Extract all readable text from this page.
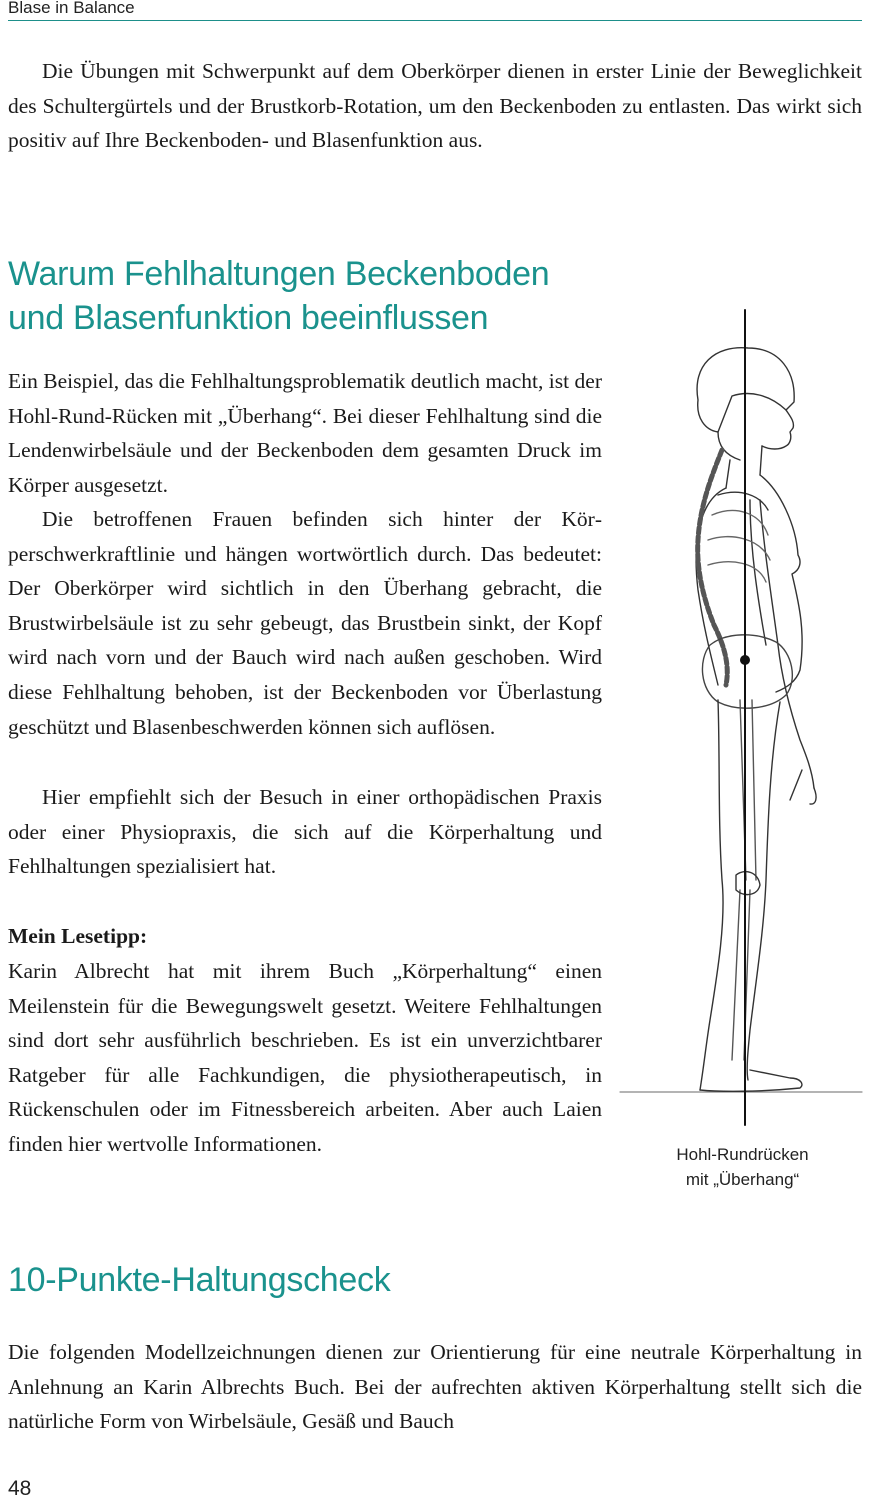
Blase in Balance

Die Übungen mit Schwerpunkt auf dem Oberkörper dienen in erster Linie der Beweglichkeit des Schultergürtels und der Brustkorb-Rotation, um den Beckenboden zu entlasten. Das wirkt sich positiv auf Ihre Beckenboden- und Blasenfunktion aus.

Warum Fehlhaltungen Beckenboden
und Blasenfunktion beeinflussen

Ein Beispiel, das die Fehlhaltungsproblematik deutlich macht, ist der Hohl-Rund-Rücken mit „Überhang“. Bei dieser Fehlhaltung sind die Lendenwirbelsäule und der Beckenboden dem gesamten Druck im Körper ausgesetzt.

Die betroffenen Frauen befinden sich hinter der Körperschwerkraftlinie und hängen wortwörtlich durch. Das bedeutet: Der Oberkörper wird sichtlich in den Überhang gebracht, die Brustwirbelsäule ist zu sehr gebeugt, das Brustbein sinkt, der Kopf wird nach vorn und der Bauch wird nach außen geschoben. Wird diese Fehlhaltung behoben, ist der Beckenboden vor Überlastung geschützt und Blasenbeschwerden können sich auflösen.

Hier empfiehlt sich der Besuch in einer orthopädischen Praxis oder einer Physiopraxis, die sich auf die Körperhaltung und Fehlhaltungen spezialisiert hat.

Mein Lesetipp:

Karin Albrecht hat mit ihrem Buch „Körperhaltung“ einen Meilenstein für die Bewegungswelt gesetzt. Weitere Fehlhaltungen sind dort sehr ausführlich beschrieben. Es ist ein unverzichtbarer Ratgeber für alle Fachkundigen, die physiotherapeutisch, in Rückenschulen oder im Fitnessbereich arbeiten. Aber auch Laien finden hier wertvolle Informationen.	Hohl-Rundrücken
mit „Überhang“
10-Punkte-Haltungscheck

Die folgenden Modellzeichnungen dienen zur Orientierung für eine neutrale Körperhaltung in Anlehnung an Karin Albrechts Buch. Bei der aufrechten aktiven Körperhaltung stellt sich die natürliche Form von Wirbelsäule, Gesäß und Bauch

48
